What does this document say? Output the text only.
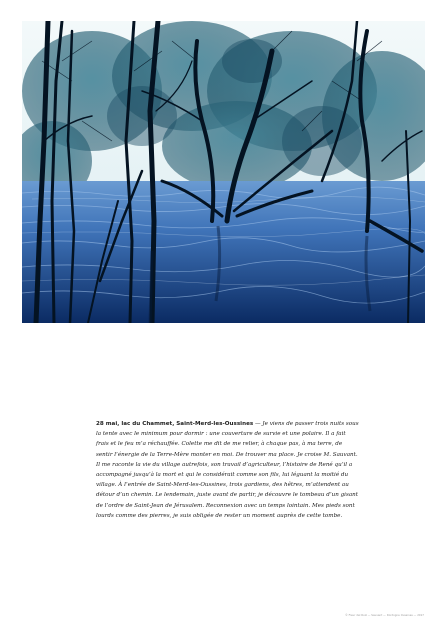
28 mai, lac du Chammet, Saint-Merd-les-Oussines — Je viens de passer trois nuits sous la tente avec le minimum pour dormir : une couverture de survie et une polaire. Il a fait frais et le feu m’a réchauffée. Colette me dit de me relier, à chaque pas, à ma terre, de sentir l’énergie de la Terre-Mère monter en moi. De trouver ma place. Je croise M. Sauvant. Il me raconte la vie du village autrefois, son travail d’agriculteur, l’histoire de René qu’il a accompagné jusqu’à la mort et qui le considérait comme son fils, lui léguant la moitié du village. À l’entrée de Saint-Merd-les-Oussines, trois gardiens, des hêtres, m’attendent au détour d’un chemin. Le lendemain, juste avant de partir, je découvre le tombeau d’un gisant de l’ordre de Saint-Jean de Jérusalem. Reconnexion avec un temps lointain. Mes pieds sont lourds comme des pierres, je suis obligée de rester un moment auprès de cette tombe.
© Fleur del Ruiz — Sauvant — Dordogne Oussines — 2017
